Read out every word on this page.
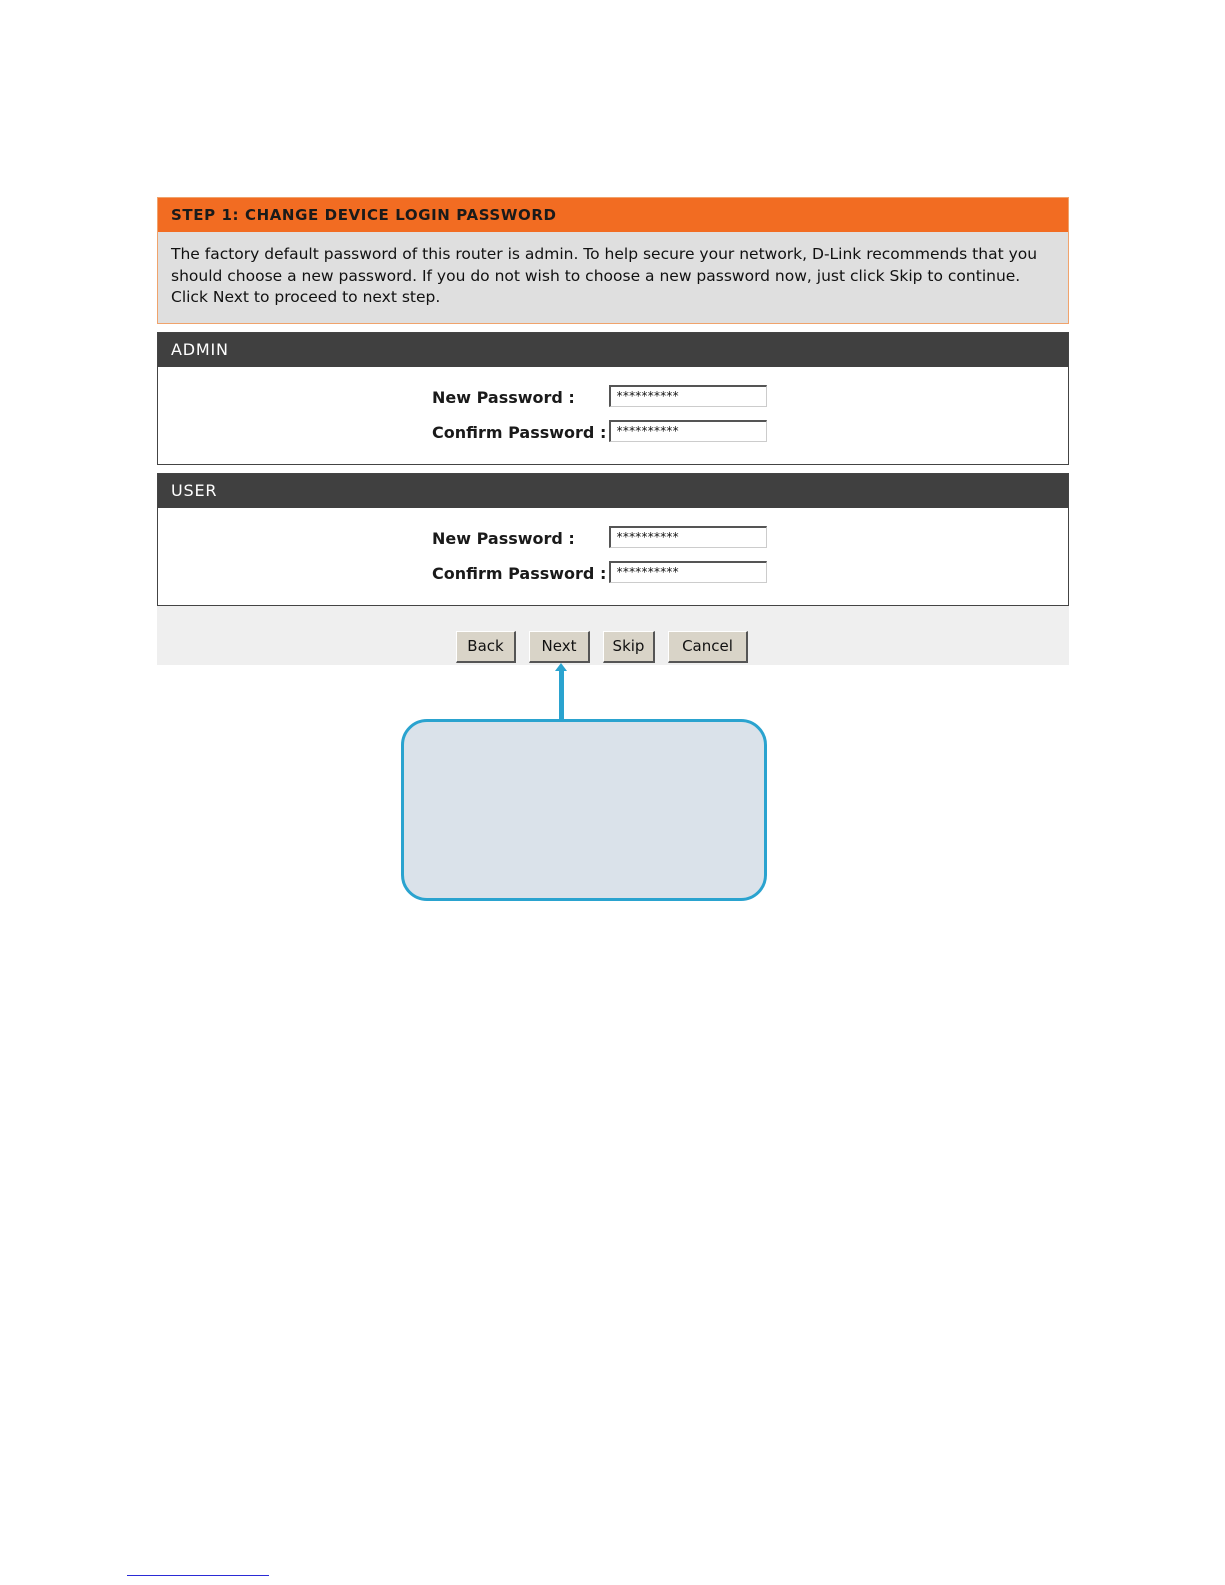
STEP 1: CHANGE DEVICE LOGIN PASSWORD
The factory default password of this router is admin. To help secure your network, D-Link recommends that you should choose a new password. If you do not wish to choose a new password now, just click Skip to continue. Click Next to proceed to next step.
ADMIN
New Password :	**********
Confirm Password : **********
USER
New Password :	**********
Confirm Password : **********
Back	Next	Skip	Cancel
